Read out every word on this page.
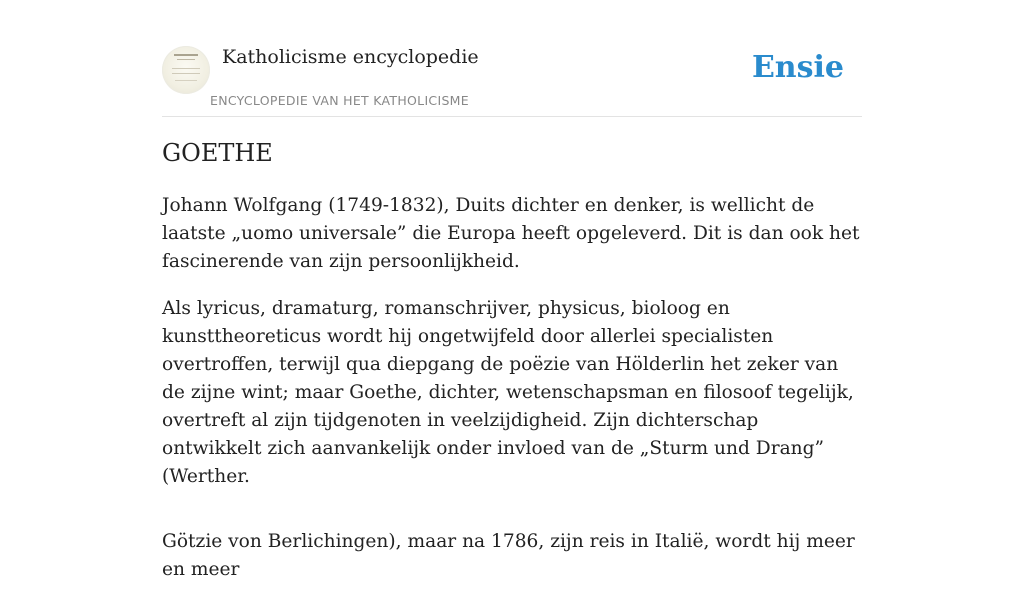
Katholicisme encyclopedie
ENCYCLOPEDIE VAN HET KATHOLICISME
Ensie
GOETHE

Johann Wolfgang (1749-1832), Duits dichter en denker, is wellicht de laatste „uomo universale” die Europa heeft opgeleverd. Dit is dan ook het fascinerende van zijn persoonlijkheid.

Als lyricus, dramaturg, romanschrijver, physicus, bioloog en kunsttheoreticus wordt hij ongetwijfeld door allerlei specialisten overtroffen, terwijl qua diepgang de poëzie van Hölderlin het zeker van de zijne wint; maar Goethe, dichter, wetenschapsman en filosoof tegelijk, overtreft al zijn tijdgenoten in veelzijdigheid. Zijn dichterschap ontwikkelt zich aanvankelijk onder invloed van de „Sturm und Drang” (Werther.

Götzie von Berlichingen), maar na 1786, zijn reis in Italië, wordt hij meer en meer
